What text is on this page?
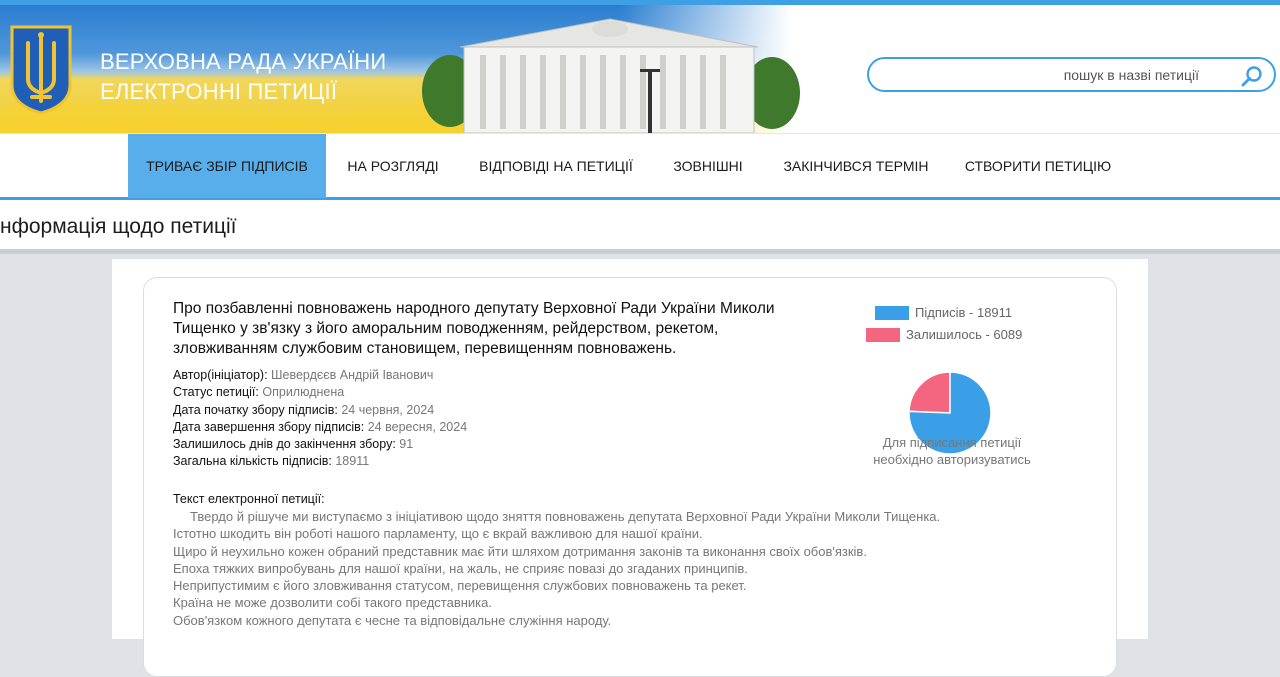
ВЕРХОВНА РАДА УКРАЇНИ
ЕЛЕКТРОННІ ПЕТИЦІЇ
пошук в назві петиції
ТРИВАЄ ЗБІР ПІДПИСІВ	НА РОЗГЛЯДІ	ВІДПОВІДІ НА ПЕТИЦІЇ	ЗОВНІШНІ	ЗАКІНЧИВСЯ ТЕРМІН	СТВОРИТИ ПЕТИЦІЮ
нформація щодо петиції
Про позбавленні повноважень народного депутату Верховної Ради України Миколи Тищенко у зв'язку з його аморальним поводженням, рейдерством, рекетом, зловживанням службовим становищем, перевищенням повноважень.
Автор(ініціатор): Шевердєєв Андрій Іванович
Статус петиції: Оприлюднена
Дата початку збору підписів: 24 червня, 2024
Дата завершення збору підписів: 24 вересня, 2024
Залишилось днів до закінчення збору: 91
Загальна кількість підписів: 18911
Текст електронної петиції:
Твердо й рішуче ми виступаємо з ініціативою щодо зняття повноважень депутата Верховної Ради України Миколи Тищенка.
Істотно шкодить він роботі нашого парламенту, що є вкрай важливою для нашої країни.
Щиро й неухильно кожен обраний представник має йти шляхом дотримання законів та виконання своїх обов'язків.
Епоха тяжких випробувань для нашої країни, на жаль, не сприяє повазі до згаданих принципів.
Неприпустимим є його зловживання статусом, перевищення службових повноважень та рекет.
Країна не може дозволити собі такого представника.
Обов'язком кожного депутата є чесне та відповідальне служіння народу.
Підписів - 18911
Залишилось - 6089
Для підписання петиції
необхідно авторизуватись
